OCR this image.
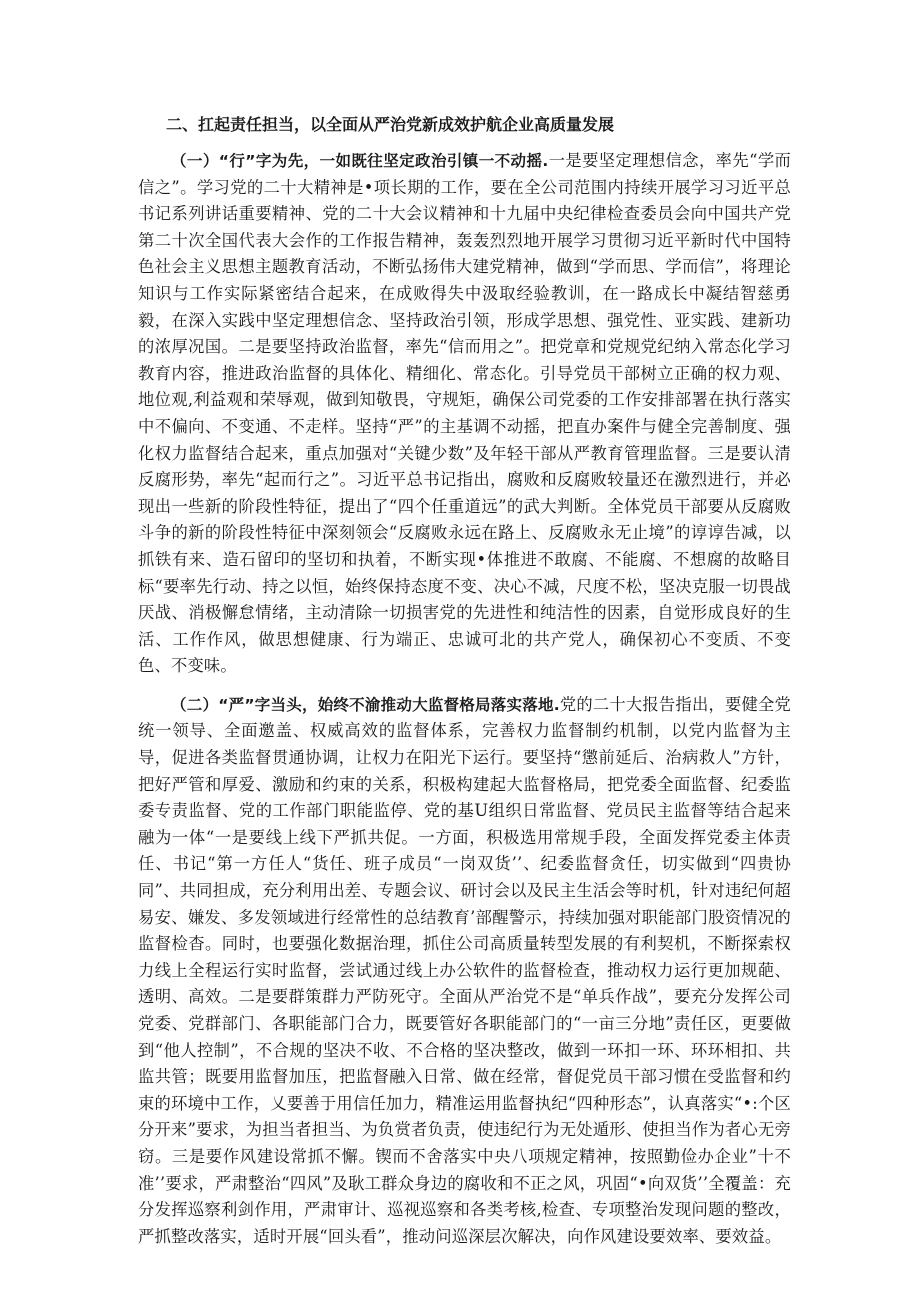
二、扛起责任担当，以全面从严治党新成效护航企业高质量发展

（一）“行”字为先，一如既往坚定政治引镇一不动摇.一是要坚定理想信念，率先“学而信之”。学习党的二十大精神是•项长期的工作，要在全公司范围内持续开展学习习近平总书记系列讲话重要精神、党的二十大会议精神和十九届中央纪律检查委员会向中国共产党第二十次全国代表大会作的工作报告精神，轰轰烈烈地开展学习贯彻习近平新时代中国特色社会主义思想主题教育活动，不断弘扬伟大建党精神，做到“学而思、学而信”，将理论知识与工作实际紧密结合起来，在成败得失中汲取经验教训，在一路成长中凝结智慈勇毅，在深入实践中坚定理想信念、坚持政治引领，形成学思想、强党性、亚实践、建新功的浓厚况国。二是要坚持政治监督，率先“信而用之”。把党章和党规党纪纳入常态化学习教育内容，推进政治监督的具体化、精细化、常态化。引导党员干部树立正确的权力观、地位观,利益观和荣辱观，做到知敬畏，守规矩，确保公司党委的工作安排部署在执行落实中不偏向、不变通、不走样。坚持“严”的主基调不动摇，把直办案件与健全完善制度、强化权力监督结合起来，重点加强对“关键少数”及年轻干部从严教育管理监督。三是要认清反腐形势，率先“起而行之”。习近平总书记指出，腐败和反腐败较量还在激烈进行，并必现出一些新的阶段性特征，提出了“四个任重道远”的武大判断。全体党员干部要从反腐败斗争的新的阶段性特征中深刻领会“反腐败永远在路上、反腐败永无止境”的谆谆告减，以抓铁有来、造石留印的坚切和执着，不断实现•体推进不敢腐、不能腐、不想腐的故略目标“要率先行动、持之以恒，始终保持态度不变、决心不减，尺度不松，坚决克服一切畏战厌战、消极懈怠情绪，主动清除一切损害党的先进性和纯洁性的因素，自觉形成良好的生活、工作作风，做思想健康、行为端正、忠诚可北的共产党人，确保初心不变质、不变色、不变味。

（二）“严”字当头，始终不渝推动大监督格局落实落地.党的二十大报告指出，要健全党统一领导、全面邀盖、权威高效的监督体系，完善权力监督制约机制，以党内监督为主导，促进各类监督贯通协调，让权力在阳光下运行。要坚持“懲前延后、治病救人”方针，把好严管和厚爱、激励和约束的关系，积极构建起大监督格局，把党委全面监督、纪委监委专责监督、党的工作部门职能监停、党的基U组织日常监督、党员民主监督等结合起来融为一体“一是要线上线下严抓共促。一方面，积极选用常规手段，全面发挥党委主体责任、书记“第一方任人“货任、班子成员“一岗双货’’、纪委监督贪任，切实做到“四贵协同”、共同担成，充分利用出差、专题会议、研讨会以及民主生活会等时机，针对违纪何超易安、嫌发、多发领域进行经常性的总结教育’部醒警示，持续加强对职能部门股资情况的监督检杳。同时，也要强化数据治理，抓住公司高质量转型发展的有利契机，不断探索权力线上全程运行实时监督，尝试通过线上办公软件的监督检查，推动权力运行更加规葩、透明、高效。二是要群策群力严防死守。全面从严治党不是“单兵作战”，要充分发挥公司党委、党群部门、各职能部门合力，既要管好各职能部门的“一亩三分地”责任区，更要做到“他人控制”，不合规的坚决不收、不合格的坚决整改，做到一环扣一环、环环相扣、共监共管；既要用监督加压，把监督融入日常、做在经常，督促党员干部习惯在受监督和约束的环境中工作，乂要善于用信任加力，精准运用监督执纪“四种形态”，认真落实“•:个区分开来”要求，为担当者担当、为负赏者负责，使违纪行为无处遁形、使担当作为者心无旁窃。三是要作风建设常抓不懈。锲而不舍落实中央八项规定精神，按照勤俭办企业”十不准’’要求，严肃整治“四风”及耿工群众身边的腐收和不正之风，巩固“•向双货’’全覆盖：充分发挥巡察利剑作用，严肃审计、巡视巡察和各类考核,检查、专项整治发现问题的整改，严抓整改落实，适时开展“回头看”，推动问巡深层次解决，向作风建设要效率、要效益。
